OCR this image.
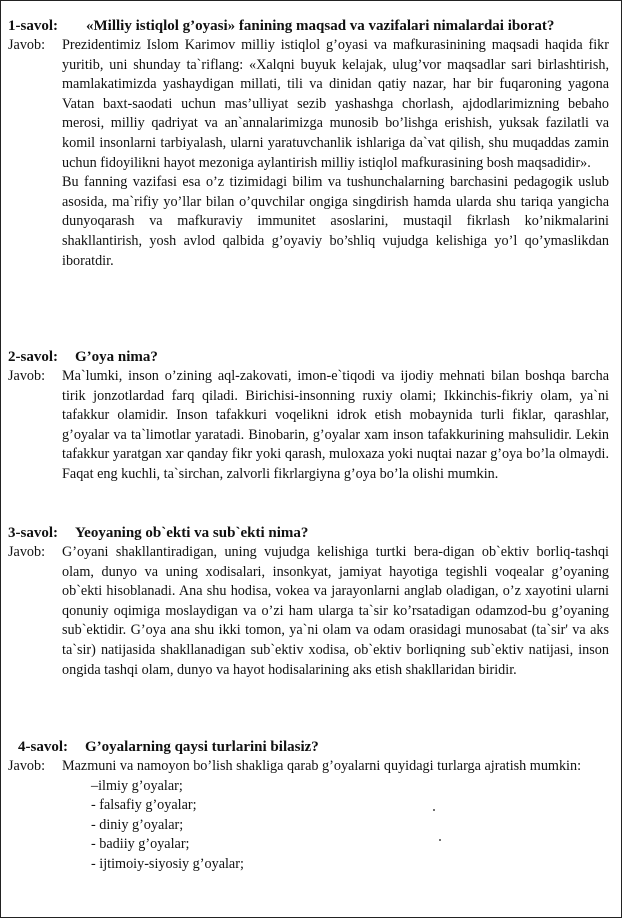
1-savol: «Milliy istiqlol g’oyasi» fanining maqsad va vazifalari nimalardai iborat?
Javob: Prezidentimiz Islom Karimov milliy istiqlol g’oyasi va mafkurasinining maqsadi haqida fikr yuritib, uni shunday ta`riflang: «Xalqni buyuk kelajak, ulug’vor maqsadlar sari birlashtirish, mamlakatimizda yashaydigan millati, tili va dinidan qatiy nazar, har bir fuqaroning yagona Vatan baxt-saodati uchun mas’ulliyat sezib yashashga chorlash, ajdodlarimizning bebaho merosi, milliy qadriyat va an`annalarimizga munosib bo’lishga erishish, yuksak fazilatli va komil insonlarni tarbiyalash, ularni yaratuvchanlik ishlariga da`vat qilish, shu muqaddas zamin uchun fidoyilikni hayot mezoniga aylantirish milliy istiqlol mafkurasining bosh maqsadidir».

Bu fanning vazifasi esa o’z tizimidagi bilim va tushunchalarning barchasini pedagogik uslub asosida, ma`rifiy yo’llar bilan o’quvchilar ongiga singdirish hamda ularda shu tariqa yangicha dunyoqarash va mafkuraviy immunitet asoslarini, mustaqil fikrlash ko’nikmalarini shakllantirish, yosh avlod qalbida g’oyaviy bo’shliq vujudga kelishiga yo’l qo’ymaslikdan iboratdir.

2-savol: G’oya nima?
Javob: Ma`lumki, inson o’zining aql-zakovati, imon-e`tiqodi va ijodiy mehnati bilan boshqa barcha tirik jonzotlardad farq qiladi. Birichisi-insonning ruxiy olami; Ikkinchis-fikriy olam, ya`ni tafakkur olamidir. Inson tafakkuri voqelikni idrok etish mobaynida turli fiklar, qarashlar, g’oyalar va ta`limotlar yaratadi. Binobarin, g’oyalar xam inson tafakkurining mahsulidir. Lekin tafakkur yaratgan xar qanday fikr yoki qarash, muloxaza yoki nuqtai nazar g’oya bo’la olmaydi. Faqat eng kuchli, ta`sirchan, zalvorli fikrlargiyna g’oya bo’la olishi mumkin.

3-savol: Yeoyaning ob`ekti va sub`ekti nima?
Javob: G’oyani shakllantiradigan, uning vujudga kelishiga turtki bera-digan ob`ektiv borliq-tashqi olam, dunyo va uning xodisalari, insonkyat, jamiyat hayotiga tegishli voqealar g’oyaning ob`ekti hisoblanadi. Ana shu hodisa, vokea va jarayonlarni anglab oladigan, o’z xayotini ularni qonuniy oqimiga moslaydigan va o’zi ham ularga ta`sir ko’rsatadigan odamzod-bu g’oyaning sub`ektidir. G’oya ana shu ikki tomon, ya`ni olam va odam orasidagi munosabat (ta`sir' va aks ta`sir) natijasida shakllanadigan sub`ektiv xodisa, ob`ektiv borliqning sub`ektiv natijasi, inson ongida tashqi olam, dunyo va hayot hodisalarining aks etish shakllaridan biridir.

4-savol: G’oyalarning qaysi turlarini bilasiz?
Javob: Mazmuni va namoyon bo’lish shakliga qarab g’oyalarni quyidagi turlarga ajratish mumkin:

–ilmiy g’oyalar;
- falsafiy g’oyalar;
- diniy g’oyalar;
- badiiy g’oyalar;
- ijtimoiy-siyosiy g’oyalar;
